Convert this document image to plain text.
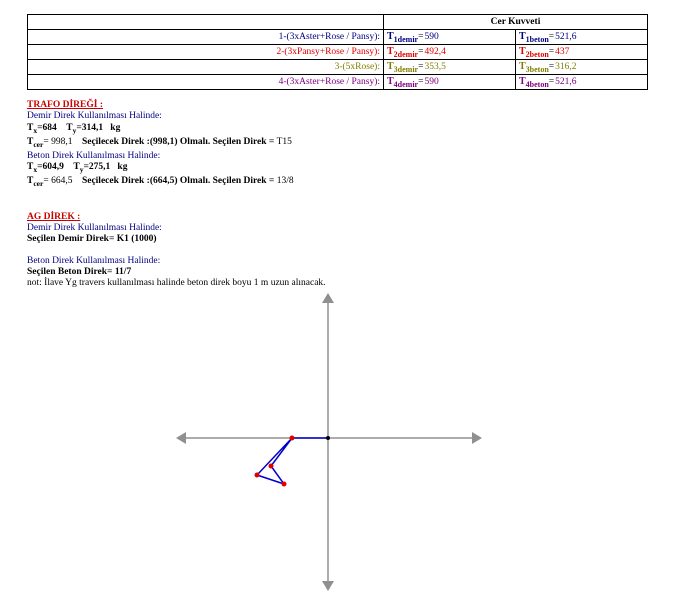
	Cer Kuvveti	
1-(3xAster+Rose / Pansy):	$T_{1demir}=590$	$T_{1beton}=521,6$
2-(3xPansy+Rose / Pansy):	$T_{2demir}=492,4$	$T_{2beton}=437$
3-(5xRose):	$T_{3demir}=353,5$	$T_{3beton}=316,2$
4-(3xAster+Rose / Pansy):	$T_{4demir}=590$	$T_{4beton}=521,6$
TRAFO DİREĞİ :
Demir Direk Kullanılması Halinde:
$T_x=684$ $T_y=314,1$ kg
$T_{cer}= 998,1$ Seçilecek Direk :(998,1) Olmalı. Seçilen Direk = T15
Beton Direk Kullanılması Halinde:
$T_x=604,9$ $T_y=275,1$ kg
$T_{cer}= 664,5$ Seçilecek Direk :(664,5) Olmalı. Seçilen Direk = 13/8
AG DİREK :
Demir Direk Kullanılması Halinde:
Seçilen Demir Direk= K1 (1000)
Beton Direk Kullanılması Halinde:
Seçilen Beton Direk= 11/7
not: İlave Yg travers kullanılması halinde beton direk boyu 1 m uzun alınacak.
